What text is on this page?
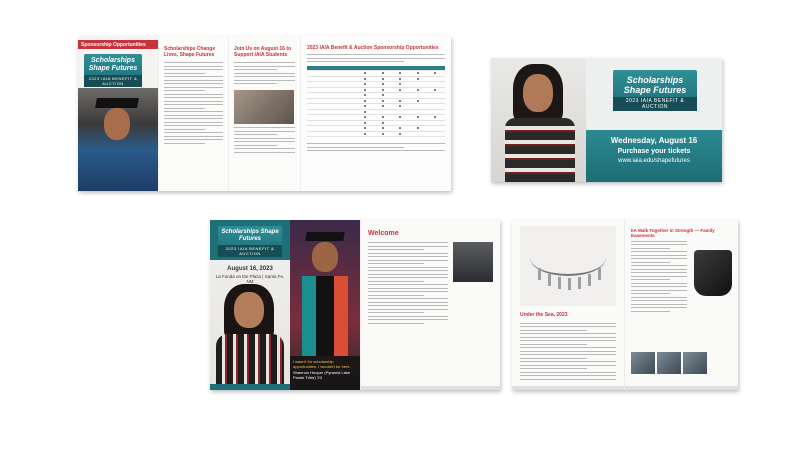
Sponsorship Opportunities
Scholarships Shape Futures
2023 IAIA BENEFIT & AUCTION
Scholarships Change Lives, Shape Futures
Join Us on August 16 to Support IAIA Students
2023 IAIA Benefit & Auction Sponsorship Opportunities
Scholarships Shape Futures
2023 IAIA BENEFIT & AUCTION
Wednesday, August 16
Purchase your tickets
www.iaia.edu/shapefutures
Scholarships Shape Futures
2023 IAIA BENEFIT & AUCTION
August 16, 2023
La Fonda on the Plaza | Santa Fe, NM
I wasn't for scholarship opportunities, I wouldn't be here.
Shannon Hooper (Pyramid Lake Paiute Tribe) '23
Welcome
Under the Sea, 2023
IIA Walk Together in Strength — Family Easements
